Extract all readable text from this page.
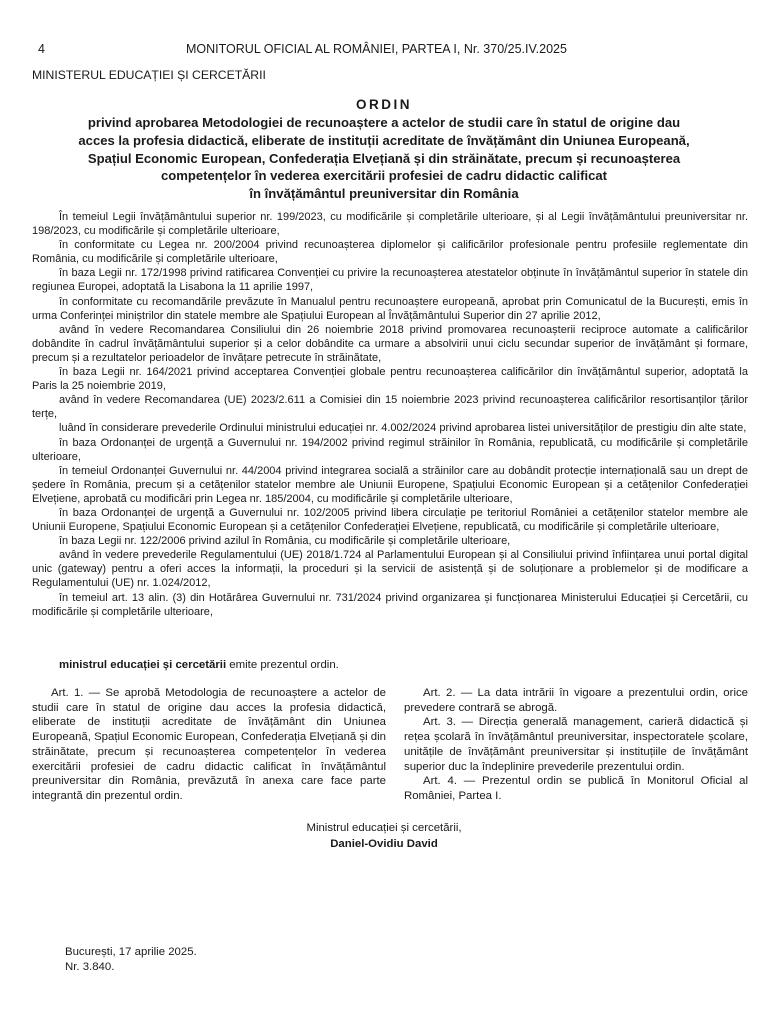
4	MONITORUL OFICIAL AL ROMÂNIEI, PARTEA I, Nr. 370/25.IV.2025
MINISTERUL EDUCAȚIEI ȘI CERCETĂRII
ORDIN
privind aprobarea Metodologiei de recunoaștere a actelor de studii care în statul de origine dau
acces la profesia didactică, eliberate de instituții acreditate de învățământ din Uniunea Europeană,
Spațiul Economic European, Confederația Elvețiană și din străinătate, precum și recunoașterea
competențelor în vederea exercitării profesiei de cadru didactic calificat
în învățământul preuniversitar din România

În temeiul Legii învățământului superior nr. 199/2023, cu modificările și completările ulterioare, și al Legii învățământului preuniversitar nr. 198/2023, cu modificările și completările ulterioare,

în conformitate cu Legea nr. 200/2004 privind recunoașterea diplomelor și calificărilor profesionale pentru profesiile reglementate din România, cu modificările și completările ulterioare,

în baza Legii nr. 172/1998 privind ratificarea Convenției cu privire la recunoașterea atestatelor obținute în învățământul superior în statele din regiunea Europei, adoptată la Lisabona la 11 aprilie 1997,

în conformitate cu recomandările prevăzute în Manualul pentru recunoaștere europeană, aprobat prin Comunicatul de la București, emis în urma Conferinței miniștrilor din statele membre ale Spațiului European al Învățământului Superior din 27 aprilie 2012,

având în vedere Recomandarea Consiliului din 26 noiembrie 2018 privind promovarea recunoașterii reciproce automate a calificărilor dobândite în cadrul învățământului superior și a celor dobândite ca urmare a absolvirii unui ciclu secundar superior de învățământ și formare, precum și a rezultatelor perioadelor de învățare petrecute în străinătate,

în baza Legii nr. 164/2021 privind acceptarea Convenției globale pentru recunoașterea calificărilor din învățământul superior, adoptată la Paris la 25 noiembrie 2019,

având în vedere Recomandarea (UE) 2023/2.611 a Comisiei din 15 noiembrie 2023 privind recunoașterea calificărilor resortisanților țărilor terțe,

luând în considerare prevederile Ordinului ministrului educației nr. 4.002/2024 privind aprobarea listei universităților de prestigiu din alte state,

în baza Ordonanței de urgență a Guvernului nr. 194/2002 privind regimul străinilor în România, republicată, cu modificările și completările ulterioare,

în temeiul Ordonanței Guvernului nr. 44/2004 privind integrarea socială a străinilor care au dobândit protecție internațională sau un drept de ședere în România, precum și a cetățenilor statelor membre ale Uniunii Europene, Spațiului Economic European și a cetățenilor Confederației Elvețiene, aprobată cu modificări prin Legea nr. 185/2004, cu modificările și completările ulterioare,

în baza Ordonanței de urgență a Guvernului nr. 102/2005 privind libera circulație pe teritoriul României a cetățenilor statelor membre ale Uniunii Europene, Spațiului Economic European și a cetățenilor Confederației Elvețiene, republicată, cu modificările și completările ulterioare,

în baza Legii nr. 122/2006 privind azilul în România, cu modificările și completările ulterioare,

având în vedere prevederile Regulamentului (UE) 2018/1.724 al Parlamentului European și al Consiliului privind înființarea unui portal digital unic (gateway) pentru a oferi acces la informații, la proceduri și la servicii de asistență și de soluționare a problemelor și de modificare a Regulamentului (UE) nr. 1.024/2012,

în temeiul art. 13 alin. (3) din Hotărârea Guvernului nr. 731/2024 privind organizarea și funcționarea Ministerului Educației și Cercetării, cu modificările și completările ulterioare,

ministrul educației și cercetării emite prezentul ordin.

Art. 1. — Se aprobă Metodologia de recunoaștere a actelor de studii care în statul de origine dau acces la profesia didactică, eliberate de instituții acreditate de învățământ din Uniunea Europeană, Spațiul Economic European, Confederația Elvețiană și din străinătate, precum și recunoașterea competențelor în vederea exercitării profesiei de cadru didactic calificat în învățământul preuniversitar din România, prevăzută în anexa care face parte integrantă din prezentul ordin.

Art. 2. — La data intrării în vigoare a prezentului ordin, orice prevedere contrară se abrogă.

Art. 3. — Direcția generală management, carieră didactică și rețea școlară în învățământul preuniversitar, inspectoratele școlare, unitățile de învățământ preuniversitar și instituțiile de învățământ superior duc la îndeplinire prevederile prezentului ordin.

Art. 4. — Prezentul ordin se publică în Monitorul Oficial al României, Partea I.

Ministrul educației și cercetării,
Daniel-Ovidiu David
București, 17 aprilie 2025.
Nr. 3.840.
